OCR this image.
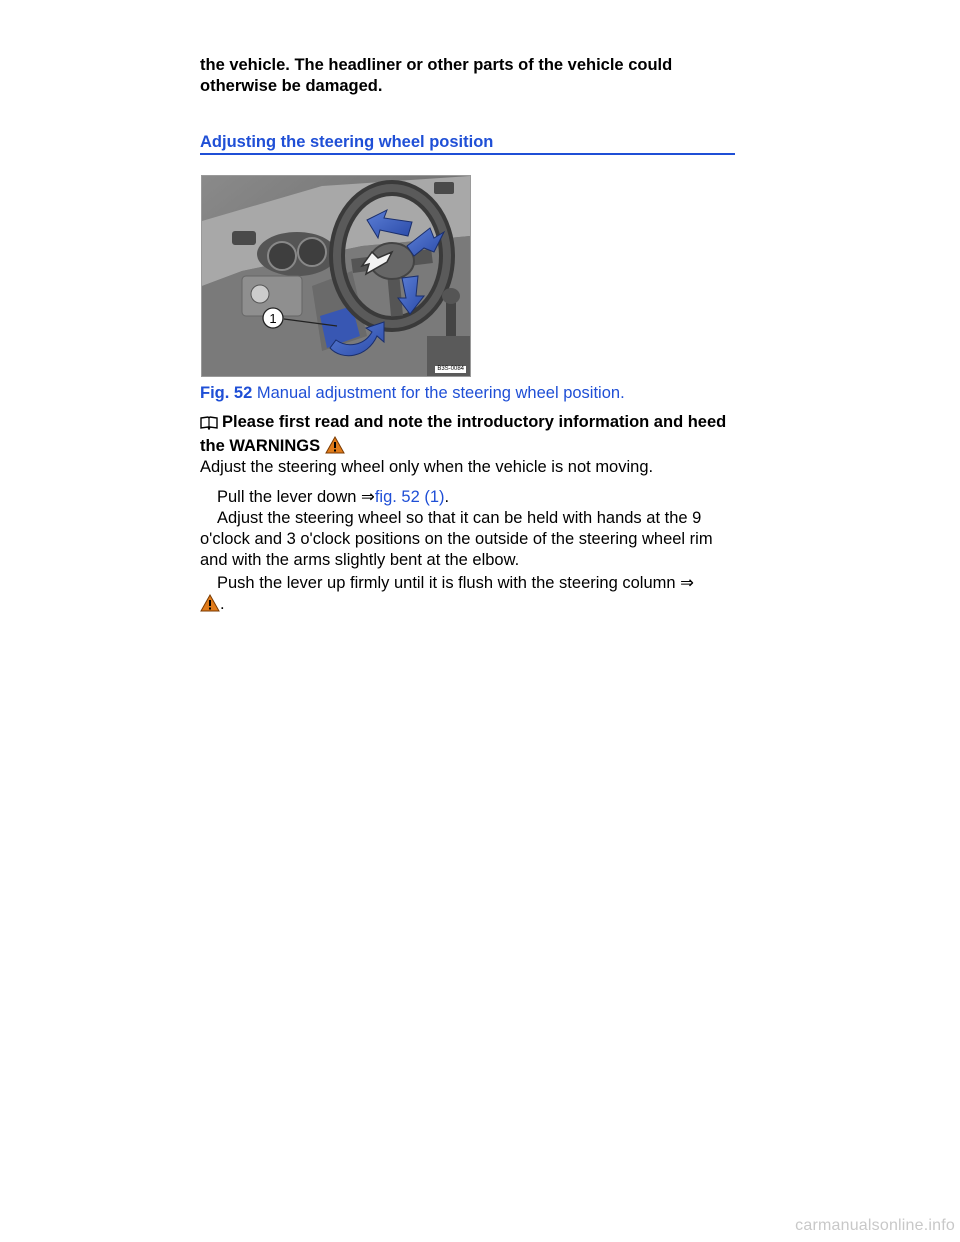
the vehicle. The headliner or other parts of the vehicle could otherwise be damaged.
Adjusting the steering wheel position
1
B3S-0084
Fig. 52 Manual adjustment for the steering wheel position.
Please first read and note the introductory information and heed the WARNINGS
Adjust the steering wheel only when the vehicle is not moving.
Pull the lever down ⇒fig. 52 (1).
Adjust the steering wheel so that it can be held with hands at the 9 o'clock and 3 o'clock positions on the outside of the steering wheel rim and with the arms slightly bent at the elbow.
Push the lever up firmly until it is flush with the steering column ⇒
.
carmanualsonline.info
